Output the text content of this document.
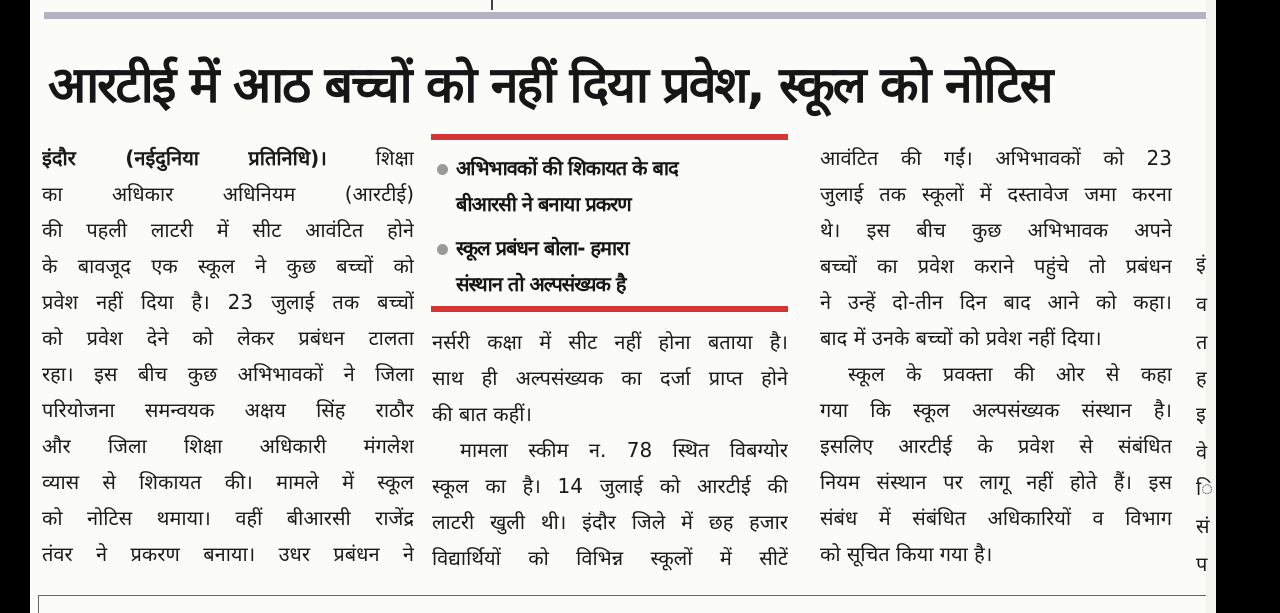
आरटीई में आठ बच्चों को नहीं दिया प्रवेश, स्कूल को नोटिस
इंदौर (नईदुनिया प्रतिनिधि)। शिक्षा
का अधिकार अधिनियम (आरटीई)
की पहली लाटरी में सीट आवंटित होने
के बावजूद एक स्कूल ने कुछ बच्चों को
प्रवेश नहीं दिया है। 23 जुलाई तक बच्चों
को प्रवेश देने को लेकर प्रबंधन टालता
रहा। इस बीच कुछ अभिभावकों ने जिला
परियोजना समन्वयक अक्षय सिंह राठौर
और जिला शिक्षा अधिकारी मंगलेश
व्यास से शिकायत की। मामले में स्कूल
को नोटिस थमाया। वहीं बीआरसी राजेंद्र
तंवर ने प्रकरण बनाया। उधर प्रबंधन ने
अभिभावकों की शिकायत के बाद
बीआरसी ने बनाया प्रकरण
स्कूल प्रबंधन बोला- हमारा
संस्थान तो अल्पसंख्यक है
नर्सरी कक्षा में सीट नहीं होना बताया है।
साथ ही अल्पसंख्यक का दर्जा प्राप्त होने
की बात कहीं।
मामला स्कीम न. 78 स्थित विबग्योर
स्कूल का है। 14 जुलाई को आरटीई की
लाटरी खुली थी। इंदौर जिले में छह हजार
विद्यार्थियों को विभिन्न स्कूलों में सीटें
आवंटित की गईं। अभिभावकों को 23
जुलाई तक स्कूलों में दस्तावेज जमा करना
थे। इस बीच कुछ अभिभावक अपने
बच्चों का प्रवेश कराने पहुंचे तो प्रबंधन
ने उन्हें दो-तीन दिन बाद आने को कहा।
बाद में उनके बच्चों को प्रवेश नहीं दिया।
स्कूल के प्रवक्ता की ओर से कहा
गया कि स्कूल अल्पसंख्यक संस्थान है।
इसलिए आरटीई के प्रवेश से संबंधित
नियम संस्थान पर लागू नहीं होते हैं। इस
संबंध में संबंधित अधिकारियों व विभाग
को सूचित किया गया है।
इं
व
त
ह
इ
वे
ि
सं
प
